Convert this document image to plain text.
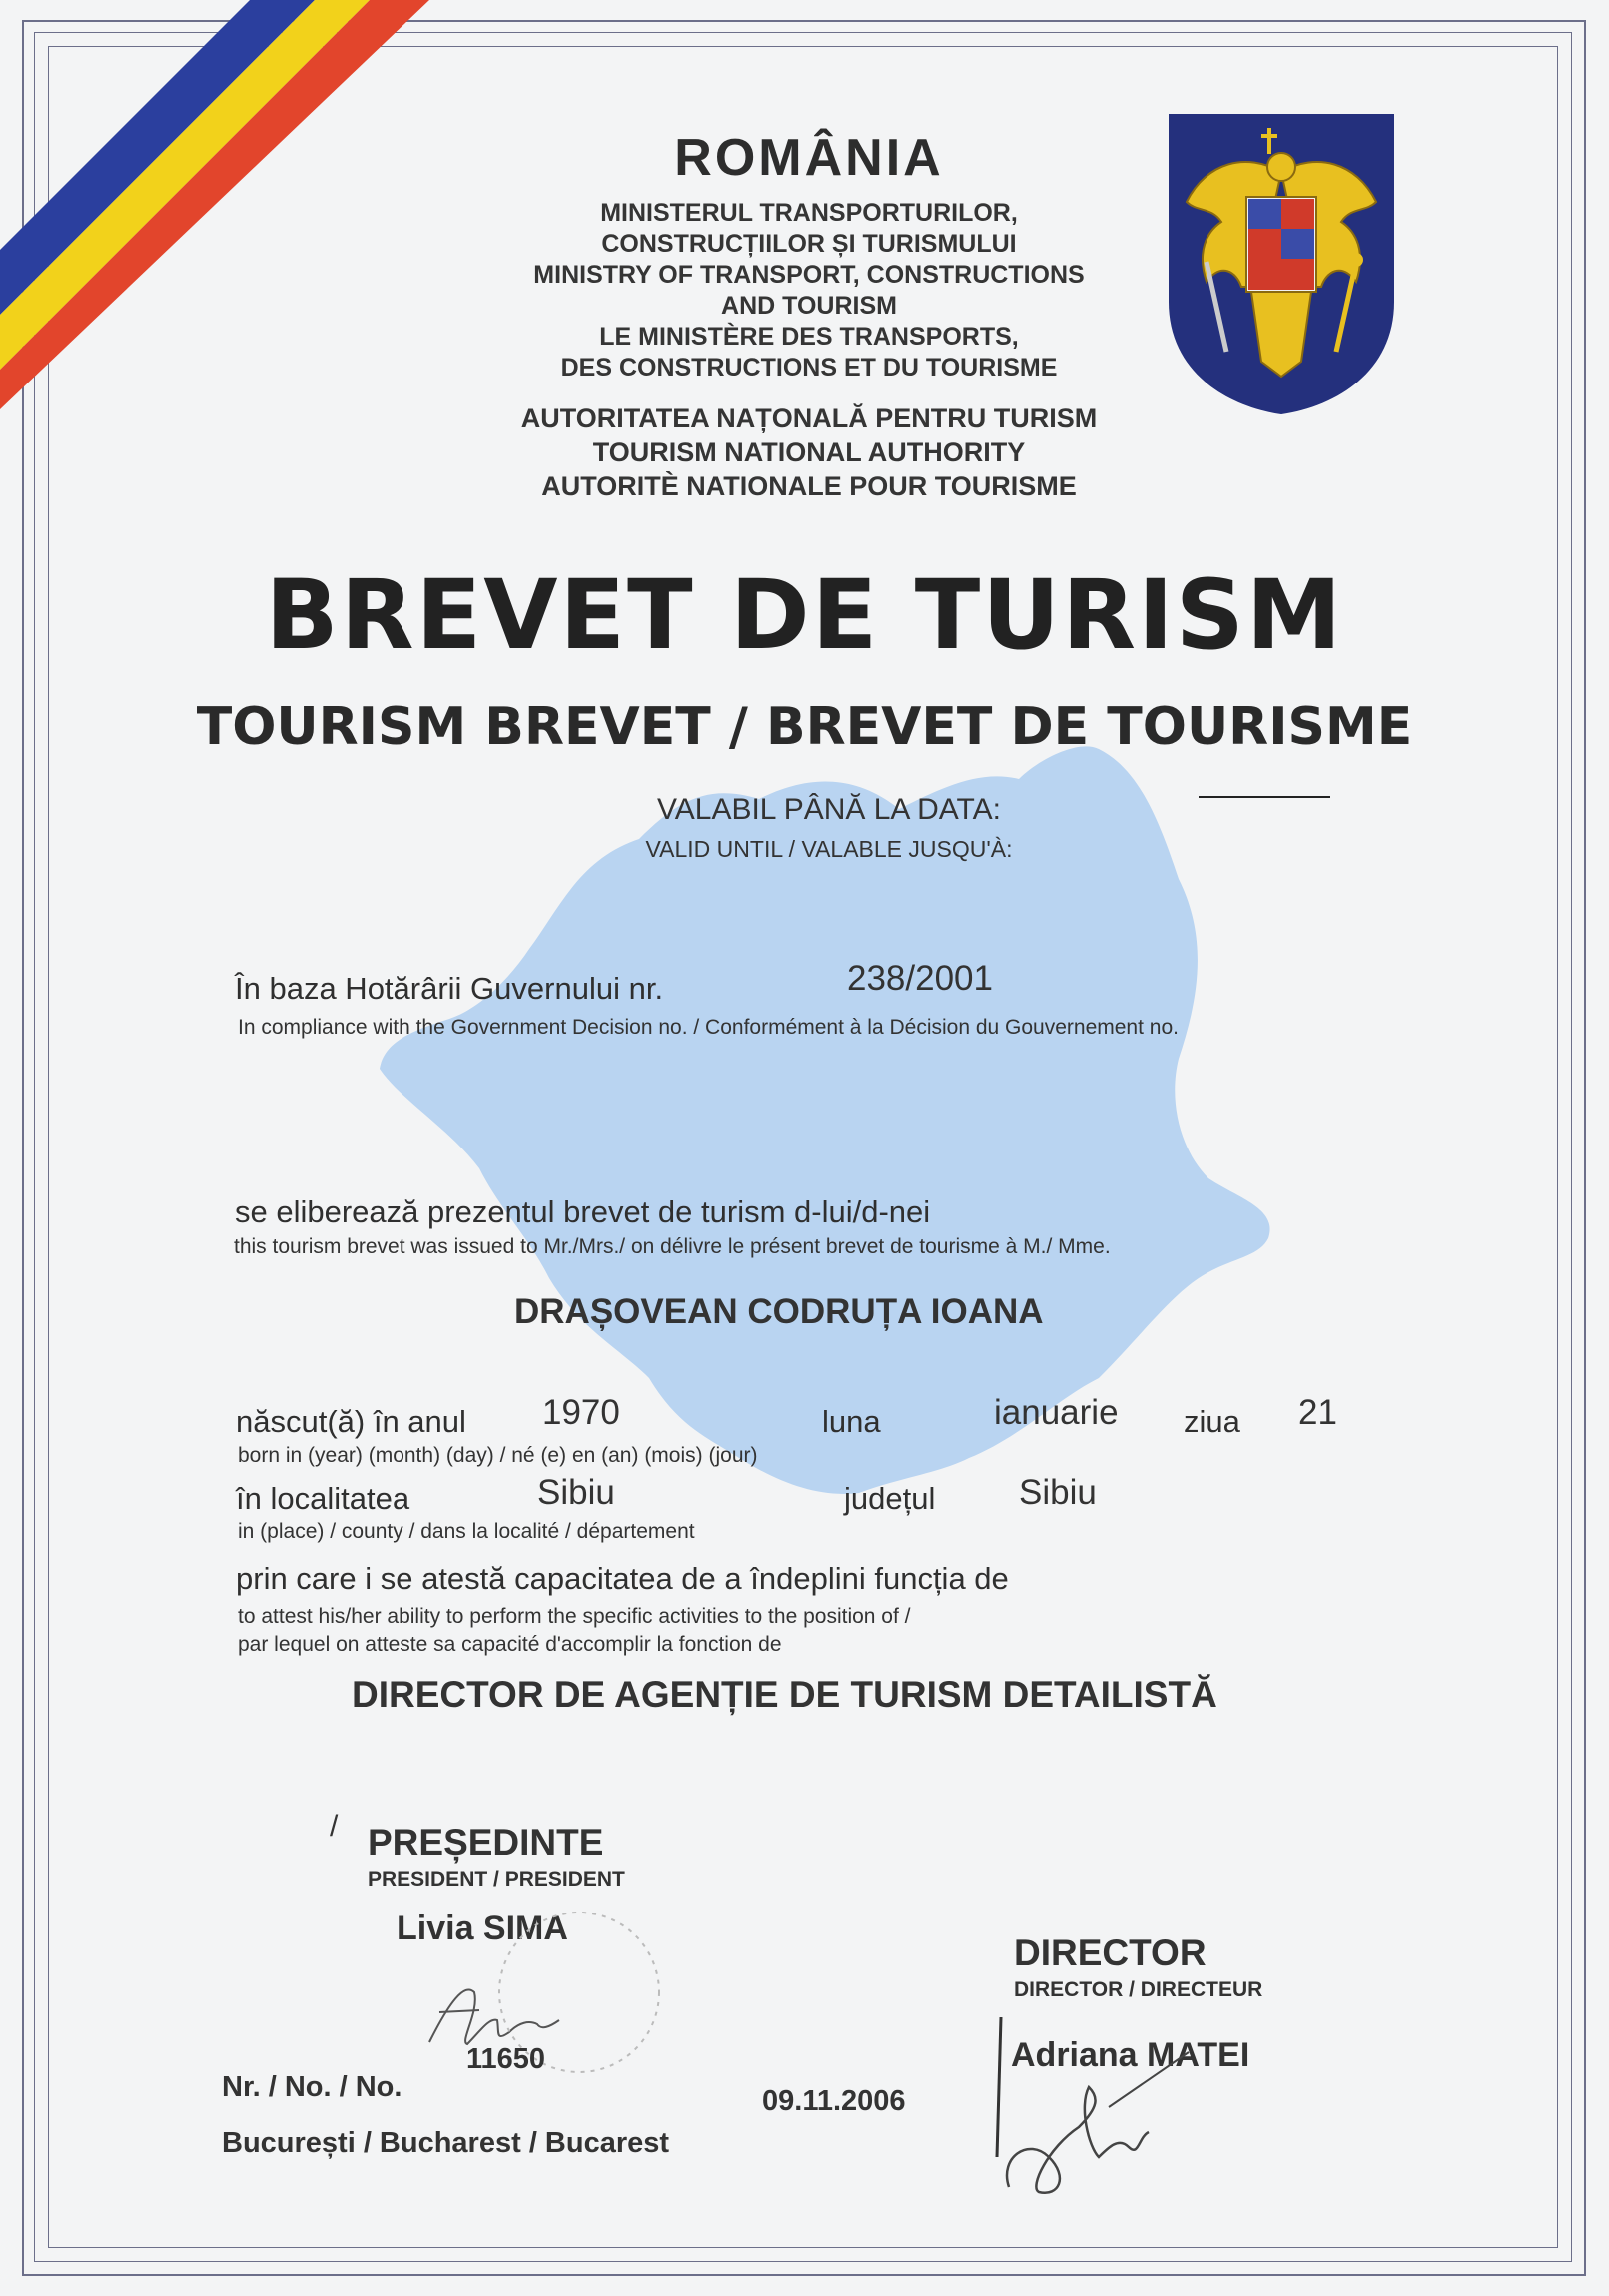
ROMÂNIA
MINISTERUL TRANSPORTURILOR,
CONSTRUCȚIILOR ȘI TURISMULUI
MINISTRY OF TRANSPORT, CONSTRUCTIONS
AND TOURISM
LE MINISTÈRE DES TRANSPORTS,
DES CONSTRUCTIONS ET DU TOURISME
AUTORITATEA NAȚONALĂ PENTRU TURISM
TOURISM NATIONAL AUTHORITY
AUTORITÈ NATIONALE POUR TOURISME
BREVET DE TURISM
TOURISM BREVET / BREVET DE TOURISME
VALABIL PÂNĂ LA DATA:
VALID UNTIL / VALABLE JUSQU'À:
În baza Hotărârii Guvernului nr.	238/2001
In compliance with the Government Decision no. / Conformément à la Décision du Gouvernement no.
se eliberează prezentul brevet de turism d-lui/d-nei
this tourism brevet was issued to Mr./Mrs./ on délivre le présent brevet de tourisme à M./ Mme.
DRAȘOVEAN CODRUȚA IOANA
născut(ă) în anul 1970	luna	ianuarie ziua 21
born in (year) (month) (day) / né (e) en (an) (mois) (jour)
în localitatea	Sibiu	județul Sibiu
in (place) / county / dans la localité / département
prin care i se atestă capacitatea de a îndeplini funcția de
to attest his/her ability to perform the specific activities to the position of /
par lequel on atteste sa capacité d'accomplir la fonction de
DIRECTOR DE AGENȚIE DE TURISM DETAILISTĂ
/ PREȘEDINTE
PRESIDENT / PRESIDENT
Livia SIMA
DIRECTOR
DIRECTOR / DIRECTEUR
Adriana MATEI
Nr. / No. / No.
11650
09.11.2006
București / Bucharest / Bucarest
